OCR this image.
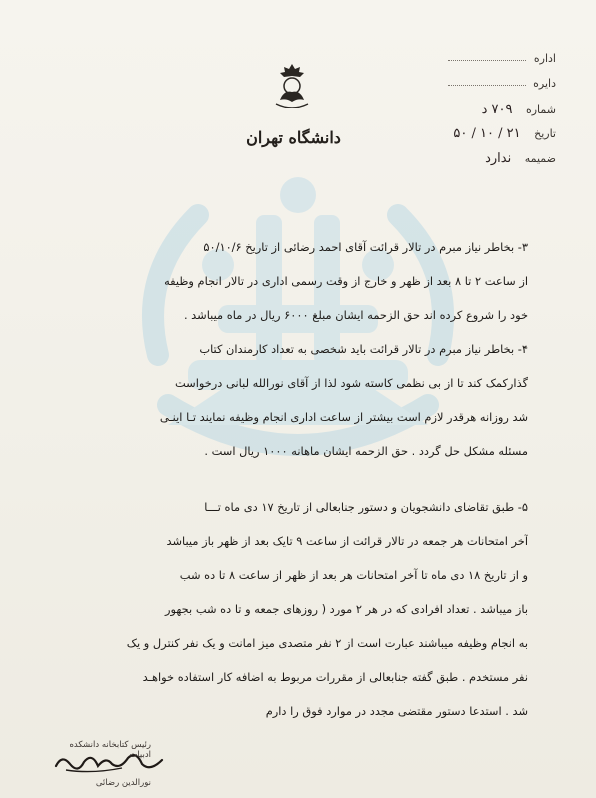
اداره
دایره
شماره ۷۰۹ د
تاریخ ۲۱ / ۱۰ / ۵۰
ضمیمه ندارد
دانشگاه تهران
۳- بخاطر نیاز مبرم در تالار قرائت آقای احمد رضائی از تاریخ ۵۰/۱۰/۶
از ساعت ۲ تا ۸ بعد از ظهر و خارج از وقت رسمی اداری در تالار انجام وظیفه
خود را شروع کرده اند حق الزحمه ایشان مبلغ ۶۰۰۰ ریال در ماه میباشد .
۴- بخاطر نیاز مبرم در تالار قرائت باید شخصی به تعداد کارمندان کتاب
گذارکمک کند تا از بی نظمی کاسته شود لذا از آقای نورالله لبانی درخواست
شد روزانه هرقدر لازم است بیشتر از ساعت اداری انجام وظیفه نمایند تـا اینـی
مسئله مشکل حل گردد . حق الزحمه ایشان ماهانه ۱۰۰۰ ریال است .
۵- طبق تقاضای دانشجویان و دستور جنابعالی از تاریخ ۱۷ دی ماه تـــا
آخر امتحانات هر جمعه در تالار قرائت از ساعت ۹ تایک بعد از ظهر باز میباشد
و از تاریخ ۱۸ دی ماه تا آخر امتحانات هر بعد از ظهر از ساعت ۸ تا ده شب
باز میباشد . تعداد افرادی که در هر ۲ مورد ( روزهای جمعه و تا ده شب بجهور
به انجام وظیفه میباشند عبارت است از ۲ نفر متصدی میز امانت و یک نفر کنترل و یک
نفر مستخدم . طبق گفته جنابعالی از مقررات مربوط به اضافه کار استفاده خواهـد
شد . استدعا دستور مقتضی مجدد در موارد فوق را دارم
رئیس کتابخانه دانشکده ادبیات
نورالدین رضائی
